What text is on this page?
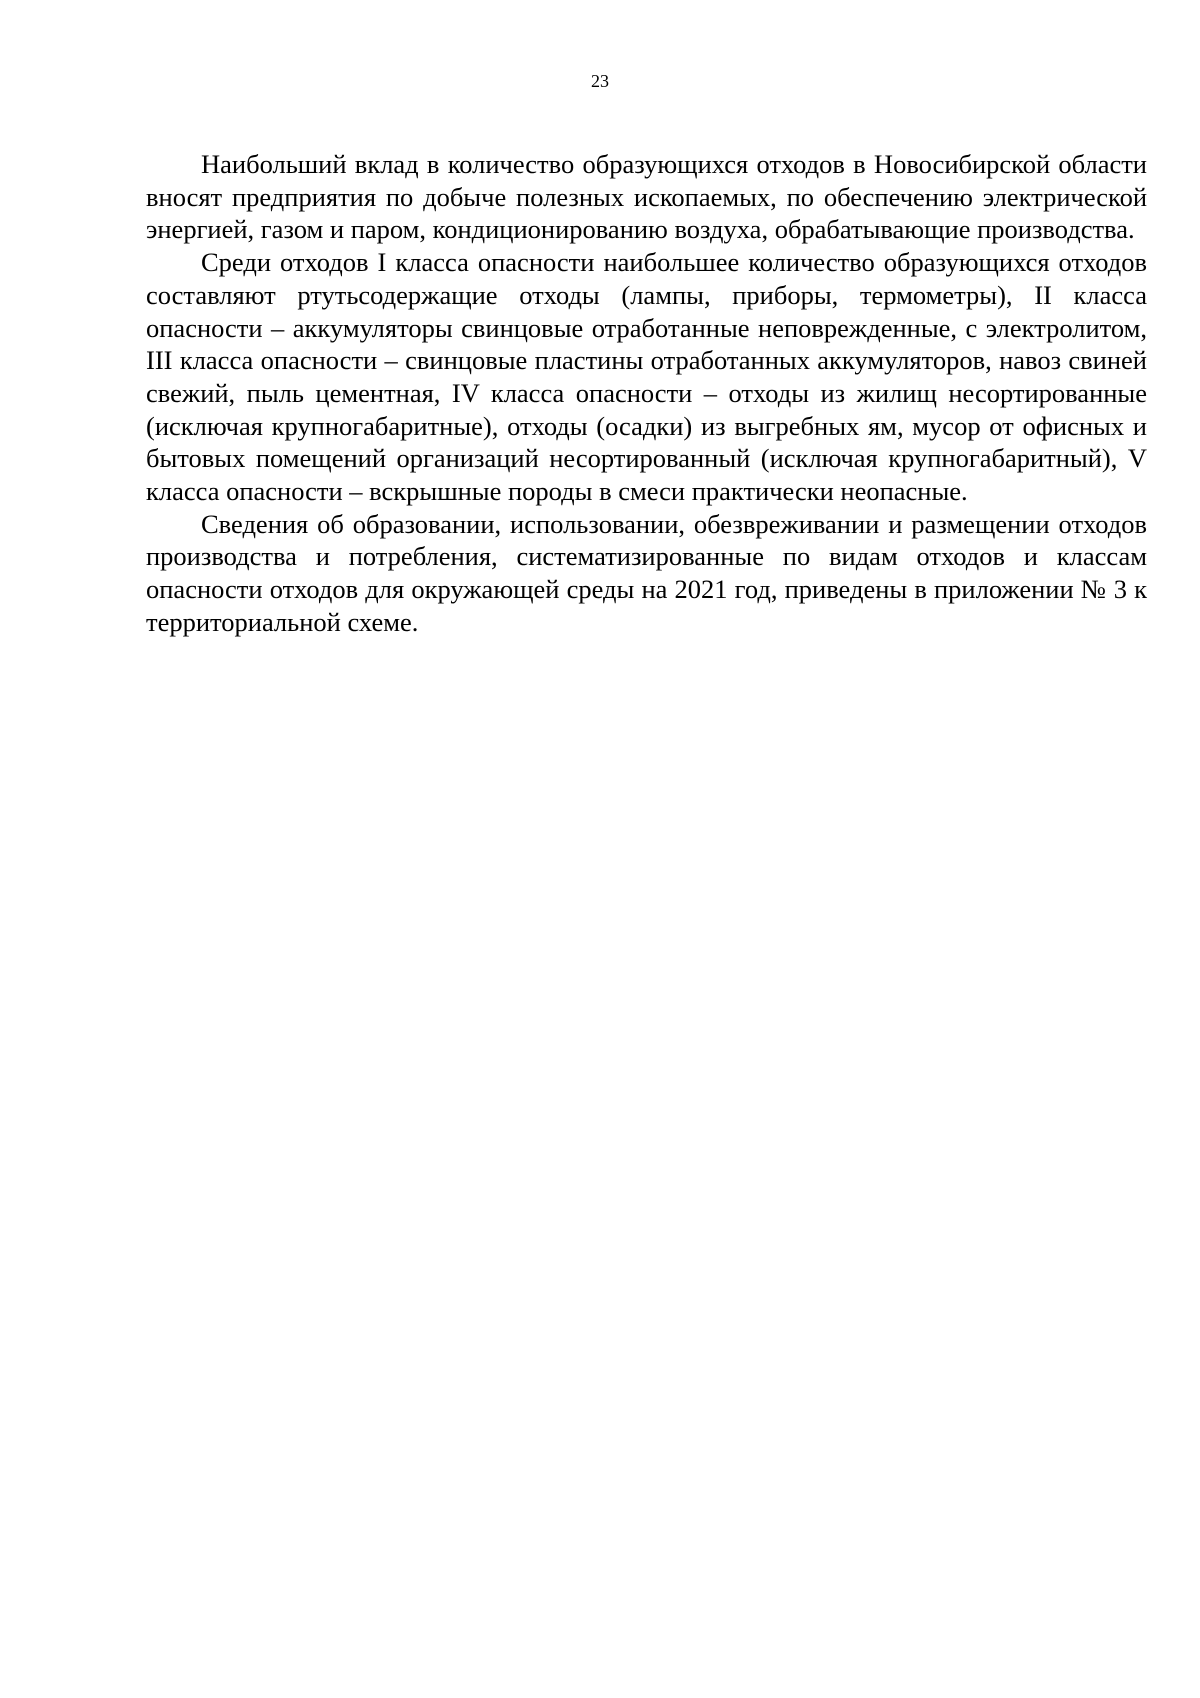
23

Наибольший вклад в количество образующихся отходов в Новосибирской области вносят предприятия по добыче полезных ископаемых, по обеспечению электрической энергией, газом и паром, кондиционированию воздуха, обрабатывающие производства.

Среди отходов I класса опасности наибольшее количество образующихся отходов составляют ртутьсодержащие отходы (лампы, приборы, термометры), II класса опасности – аккумуляторы свинцовые отработанные неповрежденные, с электролитом, III класса опасности – свинцовые пластины отработанных аккумуляторов, навоз свиней свежий, пыль цементная, IV класса опасности – отходы из жилищ несортированные (исключая крупногабаритные), отходы (осадки) из выгребных ям, мусор от офисных и бытовых помещений организаций несортированный (исключая крупногабаритный), V класса опасности – вскрышные породы в смеси практически неопасные.

Сведения об образовании, использовании, обезвреживании и размещении отходов производства и потребления, систематизированные по видам отходов и классам опасности отходов для окружающей среды на 2021 год, приведены в приложении № 3 к территориальной схеме.
